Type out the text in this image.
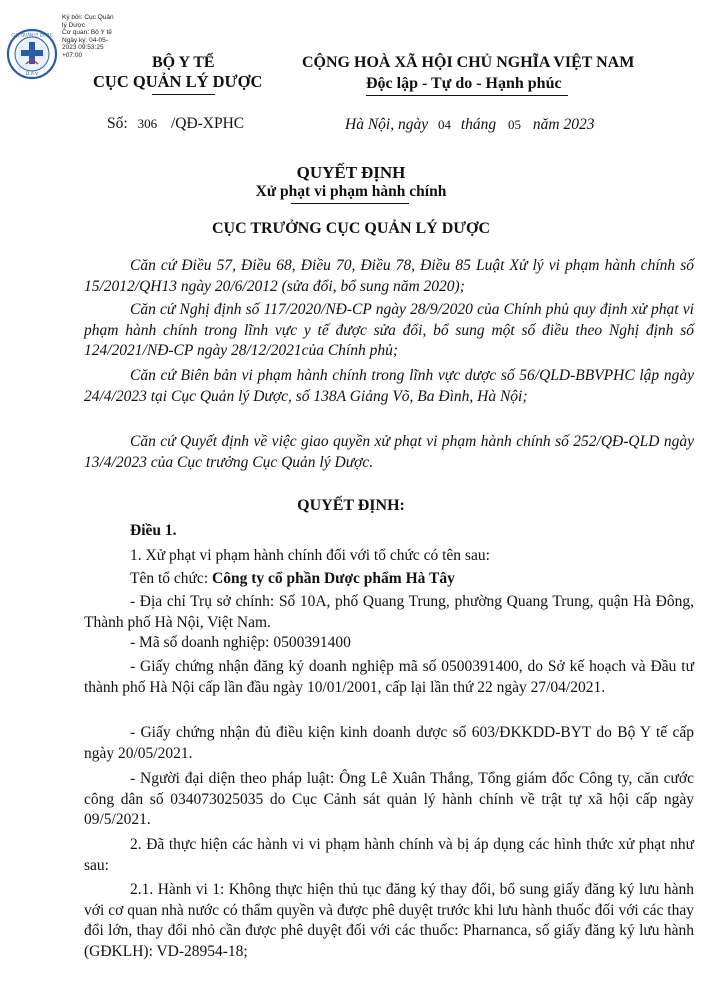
CỤC QUẢN LÝ DƯỢC
D.A.V
Ký bởi: Cục Quản
lý Dược
Cơ quan: Bộ Y tế
Ngày ký: 04-05-
2023 09:53:25
+07:00	BỘ Y TẾ
CỤC QUẢN LÝ DƯỢC
CỘNG HOÀ XÃ HỘI CHỦ NGHĨA VIỆT NAM
Độc lập - Tự do - Hạnh phúc
Số: 306 /QĐ-XPHC	Hà Nội, ngày 04 tháng 05 năm 2023
QUYẾT ĐỊNH
Xử phạt vi phạm hành chính
CỤC TRƯỞNG CỤC QUẢN LÝ DƯỢC
Căn cứ Điều 57, Điều 68, Điều 70, Điều 78, Điều 85 Luật Xử lý vi phạm hành chính số 15/2012/QH13 ngày 20/6/2012 (sửa đổi, bổ sung năm 2020);
Căn cứ Nghị định số 117/2020/NĐ-CP ngày 28/9/2020 của Chính phủ quy định xử phạt vi phạm hành chính trong lĩnh vực y tế được sửa đổi, bổ sung một số điều theo Nghị định số 124/2021/NĐ-CP ngày 28/12/2021của Chính phủ;
Căn cứ Biên bản vi phạm hành chính trong lĩnh vực dược số 56/QLD-BBVPHC lập ngày 24/4/2023 tại Cục Quản lý Dược, số 138A Giảng Võ, Ba Đình, Hà Nội;
Căn cứ Quyết định về việc giao quyền xử phạt vi phạm hành chính số 252/QĐ-QLD ngày 13/4/2023 của Cục trưởng Cục Quản lý Dược.
QUYẾT ĐỊNH:
Điều 1.
1. Xử phạt vi phạm hành chính đối với tổ chức có tên sau:
Tên tổ chức: Công ty cổ phần Dược phẩm Hà Tây
- Địa chỉ Trụ sở chính: Số 10A, phố Quang Trung, phường Quang Trung, quận Hà Đông, Thành phố Hà Nội, Việt Nam.
- Mã số doanh nghiệp: 0500391400
- Giấy chứng nhận đăng ký doanh nghiệp mã số 0500391400, do Sở kế hoạch và Đầu tư thành phố Hà Nội cấp lần đầu ngày 10/01/2001, cấp lại lần thứ 22 ngày 27/04/2021.
- Giấy chứng nhận đủ điều kiện kinh doanh dược số 603/ĐKKDD-BYT do Bộ Y tế cấp ngày 20/05/2021.
- Người đại diện theo pháp luật: Ông Lê Xuân Thắng, Tổng giám đốc Công ty, căn cước công dân số 034073025035 do Cục Cảnh sát quản lý hành chính về trật tự xã hội cấp ngày 09/5/2021.
2. Đã thực hiện các hành vi vi phạm hành chính và bị áp dụng các hình thức xử phạt như sau:
2.1. Hành vi 1: Không thực hiện thủ tục đăng ký thay đổi, bổ sung giấy đăng ký lưu hành với cơ quan nhà nước có thẩm quyền và được phê duyệt trước khi lưu hành thuốc đối với các thay đổi lớn, thay đổi nhỏ cần được phê duyệt đối với các thuốc: Pharnanca, số giấy đăng ký lưu hành (GĐKLH): VD-28954-18;
